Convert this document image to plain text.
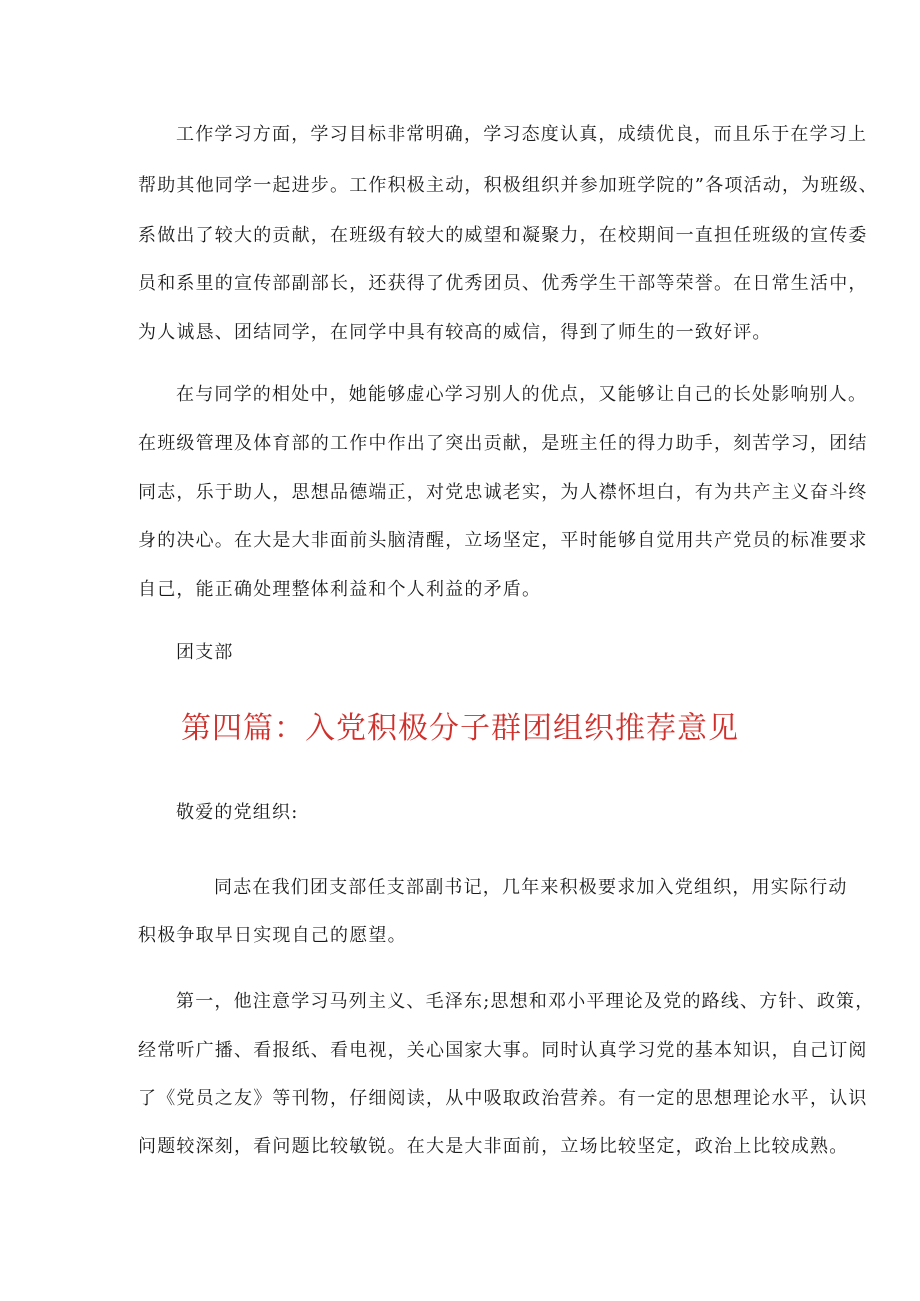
工作学习方面，学习目标非常明确，学习态度认真，成绩优良，而且乐于在学习上
帮助其他同学一起进步。工作积极主动，积极组织并参加班学院的”各项活动，为班级、
系做出了较大的贡献，在班级有较大的威望和凝聚力，在校期间一直担任班级的宣传委
员和系里的宣传部副部长，还获得了优秀团员、优秀学生干部等荣誉。在日常生活中，
为人诚恳、团结同学，在同学中具有较高的威信，得到了师生的一致好评。
在与同学的相处中，她能够虚心学习别人的优点，又能够让自己的长处影响别人。
在班级管理及体育部的工作中作出了突出贡献，是班主任的得力助手，刻苦学习，团结
同志，乐于助人，思想品德端正，对党忠诚老实，为人襟怀坦白，有为共产主义奋斗终
身的决心。在大是大非面前头脑清醒，立场坚定，平时能够自觉用共产党员的标准要求
自己，能正确处理整体利益和个人利益的矛盾。
团支部
第四篇：入党积极分子群团组织推荐意见
敬爱的党组织:
同志在我们团支部任支部副书记，几年来积极要求加入党组织，用实际行动
积极争取早日实现自己的愿望。
第一，他注意学习马列主义、毛泽东;思想和邓小平理论及党的路线、方针、政策，
经常听广播、看报纸、看电视，关心国家大事。同时认真学习党的基本知识，自己订阅
了《党员之友》等刊物，仔细阅读，从中吸取政治营养。有一定的思想理论水平，认识
问题较深刻，看问题比较敏锐。在大是大非面前，立场比较坚定，政治上比较成熟。
